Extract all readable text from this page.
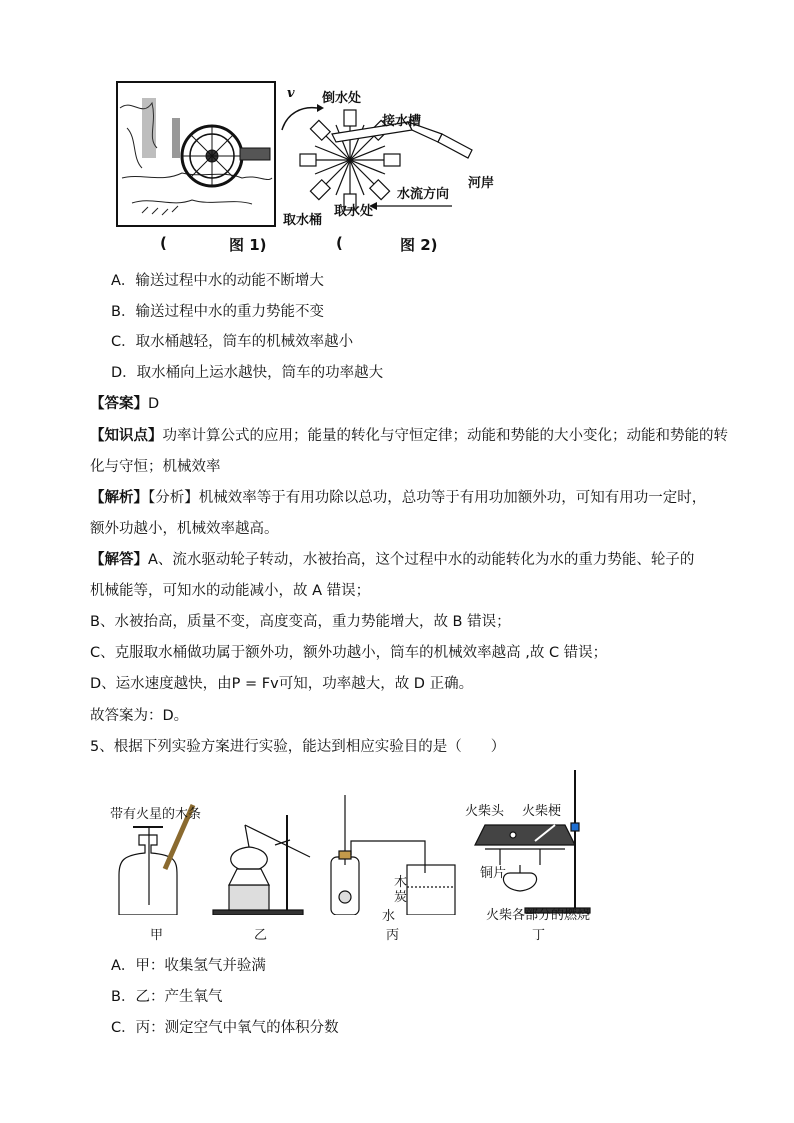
v 倒水处
接水槽
河岸
水流方向
取水处
取水桶
(	图 1)	(	图 2)
A．输送过程中水的动能不断增大
B．输送过程中水的重力势能不变
C．取水桶越轻，筒车的机械效率越小
D．取水桶向上运水越快，筒车的功率越大
【答案】D
【知识点】功率计算公式的应用；能量的转化与守恒定律；动能和势能的大小变化；动能和势能的转
化与守恒；机械效率
【解析】【分析】机械效率等于有用功除以总功，总功等于有用功加额外功，可知有用功一定时，
额外功越小，机械效率越高。
【解答】A、流水驱动轮子转动，水被抬高，这个过程中水的动能转化为水的重力势能、轮子的
机械能等，可知水的动能减小，故 A 错误；
B、水被抬高，质量不变，高度变高，重力势能增大，故 B 错误；
C、克服取水桶做功属于额外功，额外功越小，筒车的机械效率越高 ,故 C 错误；
D、运水速度越快，由P = Fv可知，功率越大，故 D 正确。
故答案为：D。
5、根据下列实验方案进行实验，能达到相应实验目的是（　　）
带有火星的木条	火柴头 火柴梗
铜片
木
炭
水	火柴各部分的燃烧
甲	乙	丙	丁
A．甲：收集氢气并验满
B．乙：产生氧气
C．丙：测定空气中氧气的体积分数
